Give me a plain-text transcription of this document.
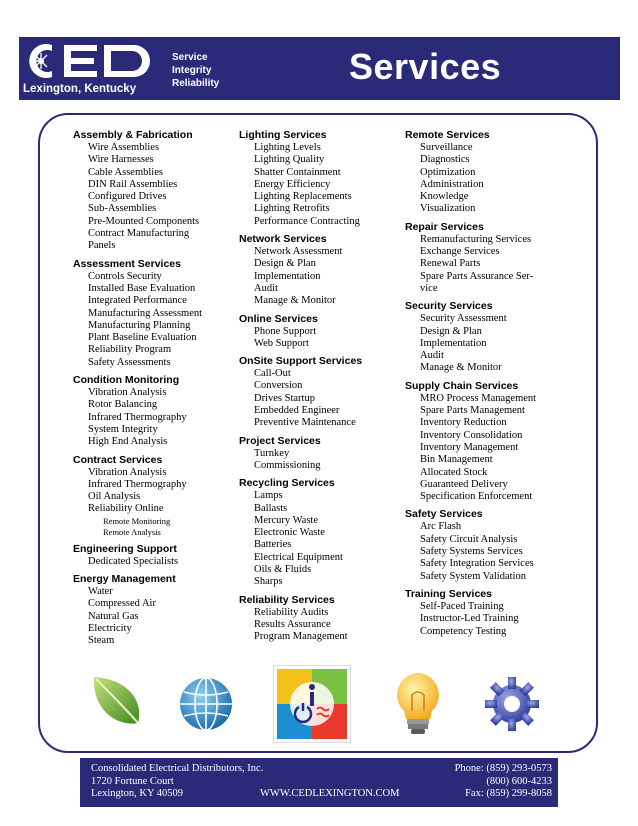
Lexington, Kentucky
Service
Integrity
Reliability	Services
Assembly & Fabrication
Wire Assemblies
Wire Harnesses
Cable Assemblies
DIN Rail Assemblies
Configured Drives
Sub-Assemblies
Pre-Mounted Components
Contract Manufacturing
Panels
Assessment Services
Controls Security
Installed Base Evaluation
Integrated Performance
Manufacturing Assessment
Manufacturing Planning
Plant Baseline Evaluation
Reliability Program
Safety Assessments
Condition Monitoring
Vibration Analysis
Rotor Balancing
Infrared Thermography
System Integrity
High End Analysis
Contract Services
Vibration Analysis
Infrared Thermography
Oil Analysis
Reliability Online
Remote Monitoring
Remote Analysis
Engineering Support
Dedicated Specialists
Energy Management
Water
Compressed Air
Natural Gas
Electricity
Steam
Lighting Services
Lighting Levels
Lighting Quality
Shatter Containment
Energy Efficiency
Lighting Replacements
Lighting Retrofits
Performance Contracting
Network Services
Network Assessment
Design & Plan
Implementation
Audit
Manage & Monitor
Online Services
Phone Support
Web Support
OnSite Support Services
Call-Out
Conversion
Drives Startup
Embedded Engineer
Preventive Maintenance
Project Services
Turnkey
Commissioning
Recycling Services
Lamps
Ballasts
Mercury Waste
Electronic Waste
Batteries
Electrical Equipment
Oils & Fluids
Sharps
Reliability Services
Reliability Audits
Results Assurance
Program Management
Remote Services
Surveillance
Diagnostics
Optimization
Administration
Knowledge
Visualization
Repair Services
Remanufacturing Services
Exchange Services
Renewal Parts
Spare Parts Assurance Ser-
vice
Security Services
Security Assessment
Design & Plan
Implementation
Audit
Manage & Monitor
Supply Chain Services
MRO Process Management
Spare Parts Management
Inventory Reduction
Inventory Consolidation
Inventory Management
Bin Management
Allocated Stock
Guaranteed Delivery
Specification Enforcement
Safety Services
Arc Flash
Safety Circuit Analysis
Safety Systems Services
Safety Integration Services
Safety System Validation
Training Services
Self-Paced Training
Instructor-Led Training
Competency Testing
Consolidated Electrical Distributors, Inc.
1720 Fortune Court
Lexington, KY 40509	WWW.CEDLEXINGTON.COM
Phone: (859) 293-0573
(800) 600-4233
Fax: (859) 299-8058
